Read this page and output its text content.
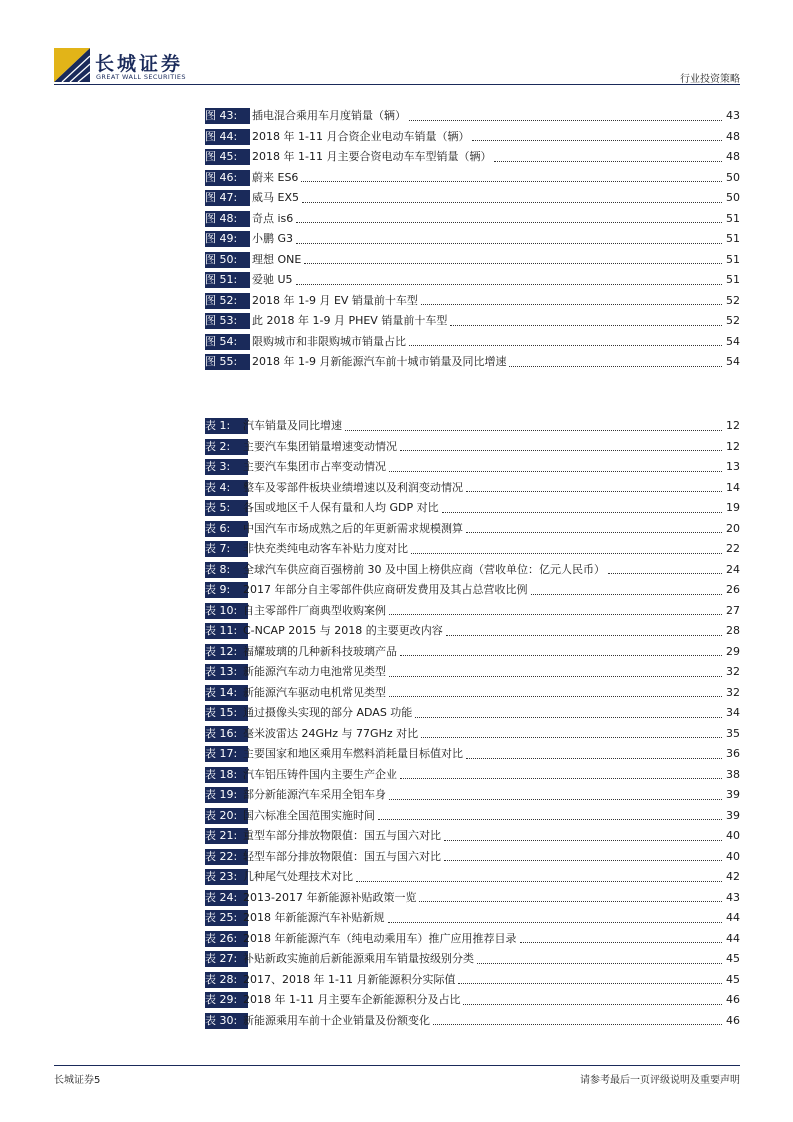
长城证券
GREAT WALL SECURITIES	行业投资策略
图 43:	插电混合乘用车月度销量（辆）	43
图 44:	2018 年 1-11 月合资企业电动车销量（辆）	48
图 45:	2018 年 1-11 月主要合资电动车车型销量（辆）	48
图 46:	蔚来 ES6	50
图 47:	威马 EX5	50
图 48:	奇点 is6	51
图 49:	小鹏 G3	51
图 50:	理想 ONE	51
图 51:	爱驰 U5	51
图 52:	2018 年 1-9 月 EV 销量前十车型	52
图 53:	此 2018 年 1-9 月 PHEV 销量前十车型	52
图 54:	限购城市和非限购城市销量占比	54
图 55:	2018 年 1-9 月新能源汽车前十城市销量及同比增速	54
表 1:	汽车销量及同比增速	12
表 2:	主要汽车集团销量增速变动情况	12
表 3:	主要汽车集团市占率变动情况	13
表 4:	整车及零部件板块业绩增速以及利润变动情况	14
表 5:	各国或地区千人保有量和人均 GDP 对比	19
表 6:	中国汽车市场成熟之后的年更新需求规模测算	20
表 7:	非快充类纯电动客车补贴力度对比	22
表 8:	全球汽车供应商百强榜前 30 及中国上榜供应商（营收单位：亿元人民币）	24
表 9:	2017 年部分自主零部件供应商研发费用及其占总营收比例	26
表 10: 自主零部件厂商典型收购案例	27
表 11: C-NCAP 2015 与 2018 的主要更改内容	28
表 12: 福耀玻璃的几种新科技玻璃产品	29
表 13: 新能源汽车动力电池常见类型	32
表 14: 新能源汽车驱动电机常见类型	32
表 15: 通过摄像头实现的部分 ADAS 功能	34
表 16: 毫米波雷达 24GHz 与 77GHz 对比	35
表 17: 主要国家和地区乘用车燃料消耗量目标值对比	36
表 18: 汽车铝压铸件国内主要生产企业	38
表 19: 部分新能源汽车采用全铝车身	39
表 20: 国六标准全国范围实施时间	39
表 21: 重型车部分排放物限值：国五与国六对比	40
表 22: 轻型车部分排放物限值：国五与国六对比	40
表 23: 几种尾气处理技术对比	42
表 24: 2013-2017 年新能源补贴政策一览	43
表 25: 2018 年新能源汽车补贴新规	44
表 26: 2018 年新能源汽车（纯电动乘用车）推广应用推荐目录	44
表 27: 补贴新政实施前后新能源乘用车销量按级别分类	45
表 28: 2017、2018 年 1-11 月新能源积分实际值	45
表 29: 2018 年 1-11 月主要车企新能源积分及占比	46
表 30: 新能源乘用车前十企业销量及份额变化	46
长城证券5	请参考最后一页评级说明及重要声明
